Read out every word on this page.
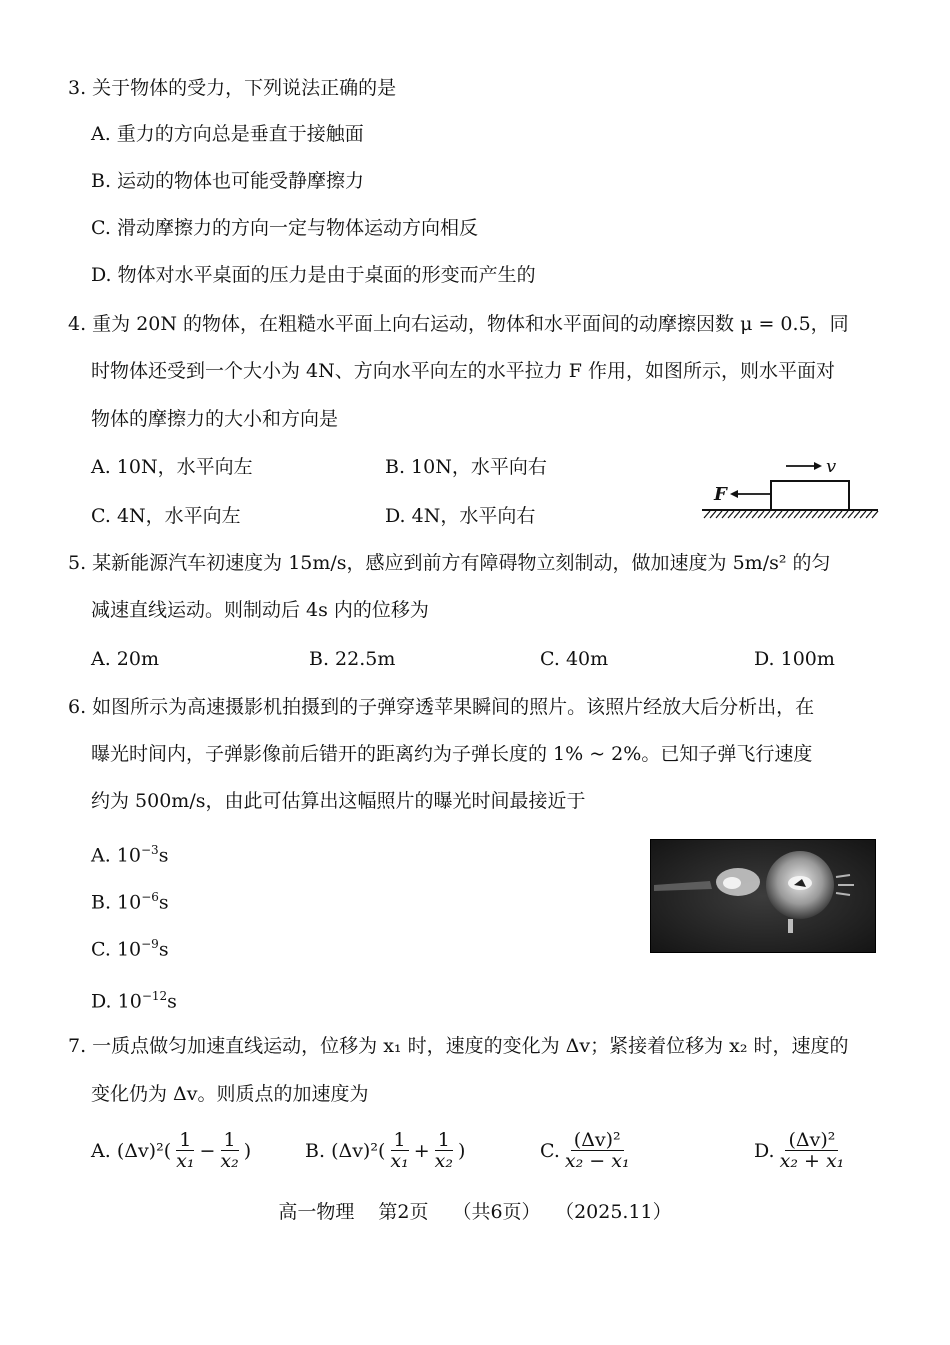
3. 关于物体的受力，下列说法正确的是
A. 重力的方向总是垂直于接触面
B. 运动的物体也可能受静摩擦力
C. 滑动摩擦力的方向一定与物体运动方向相反
D. 物体对水平桌面的压力是由于桌面的形变而产生的
4. 重为 20N 的物体，在粗糙水平面上向右运动，物体和水平面间的动摩擦因数 μ = 0.5，同
时物体还受到一个大小为 4N、方向水平向左的水平拉力 F 作用，如图所示，则水平面对
物体的摩擦力的大小和方向是
A. 10N，水平向左	B. 10N，水平向右
C. 4N，水平向左	D. 4N，水平向右
F
v
5. 某新能源汽车初速度为 15m/s，感应到前方有障碍物立刻制动，做加速度为 5m/s² 的匀
减速直线运动。则制动后 4s 内的位移为
A. 20m	B. 22.5m	C. 40m	D. 100m
6. 如图所示为高速摄影机拍摄到的子弹穿透苹果瞬间的照片。该照片经放大后分析出，在
曝光时间内，子弹影像前后错开的距离约为子弹长度的 1% ~ 2%。已知子弹飞行速度
约为 500m/s，由此可估算出这幅照片的曝光时间最接近于
A. $10^{-3}s$
B. $10^{-6}s$
C. $10^{-9}s$
D. $10^{-12}s$
7. 一质点做匀加速直线运动，位移为 x₁ 时，速度的变化为 Δv；紧接着位移为 x₂ 时，速度的
变化仍为 Δv。则质点的加速度为
A.
$(\Delta v)^2( \frac{1}{\text{x₁}} - \frac{1}{\text{x₂}}$ )	B.
$(\Delta v)^2( \frac{1}{\text{x₁}} + \frac{1}{\text{x₂}}$ )	C. $\frac{\text{(Δv)²}}{\text{x₂ − x₁}}$	D. $\frac{\text{(Δv)²}}{\text{x₂ + x₁}}$
高一物理 第2页 （共6页） （2025.11）
